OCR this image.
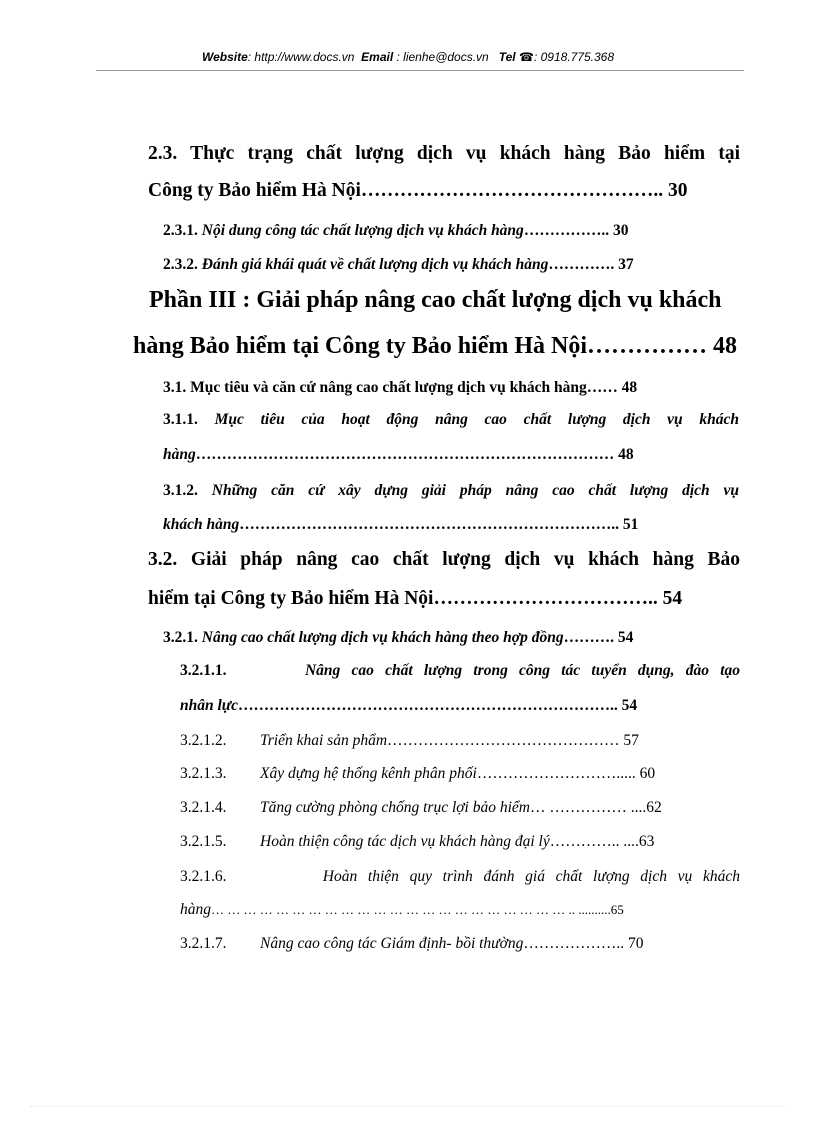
Website: http://www.docs.vn Email : lienhe@docs.vn Tel ☎: 0918.775.368
2.3. Thực trạng chất lượng dịch vụ khách hàng Bảo hiểm tại
Công ty Bảo hiểm Hà Nội……………………………………….. 30
2.3.1. Nội dung công tác chất lượng dịch vụ khách hàng…………….. 30
2.3.2. Đánh giá khái quát về chất lượng dịch vụ khách hàng…………. 37
Phần III : Giải pháp nâng cao chất lượng dịch vụ khách
hàng Bảo hiểm tại Công ty Bảo hiểm Hà Nội…………… 48
3.1. Mục tiêu và căn cứ nâng cao chất lượng dịch vụ khách hàng…… 48
3.1.1. Mục tiêu của hoạt động nâng cao chất lượng dịch vụ khách
hàng……………………………………………………………………… 48
3.1.2. Những căn cứ xây dựng giải pháp nâng cao chất lượng dịch vụ
khách hàng……………………………………………………………….. 51
3.2. Giải pháp nâng cao chất lượng dịch vụ khách hàng Bảo
hiểm tại Công ty Bảo hiểm Hà Nội…………………………….. 54
3.2.1. Nâng cao chất lượng dịch vụ khách hàng theo hợp đồng………. 54
3.2.1.1.	Nâng cao chất lượng trong công tác tuyển dụng, đào tạo
nhân lực……………………………………………………………….. 54
3.2.1.2. Triển khai sản phẩm……………………………………… 57
3.2.1.3. Xây dựng hệ thống kênh phân phối………………………..... 60
3.2.1.4. Tăng cường phòng chống trục lợi bảo hiểm… …………… ....62
3.2.1.5. Hoàn thiện công tác dịch vụ khách hàng đại lý………….. ....63
3.2.1.6.	Hoàn thiện quy trình đánh giá chất lượng dịch vụ khách
hàng… … … … … … … … … … … … … … … … … … … … … … .. ..........65
3.2.1.7. Nâng cao công tác Giám định- bồi thường……………….. 70
